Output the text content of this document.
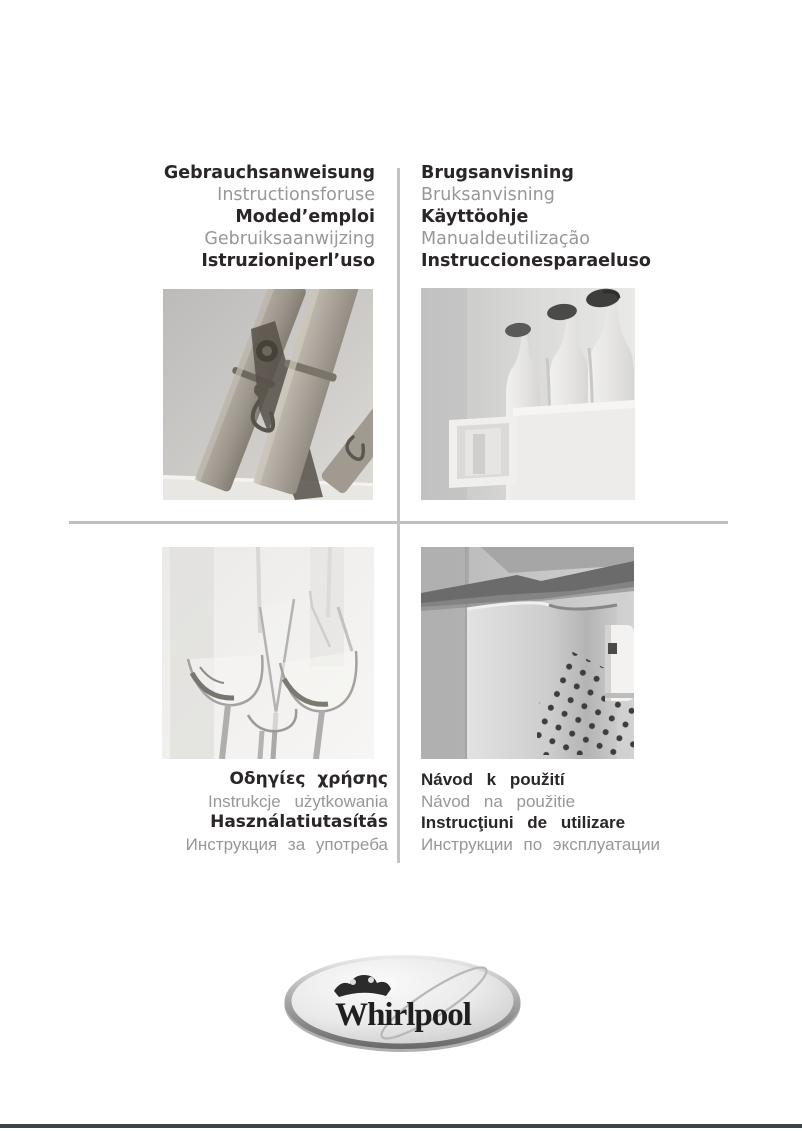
Gebrauchsanweisung

Instructionsforuse

Moded’emploi

Gebruiksaanwijzing

Istruzioniperl’uso

Brugsanvisning

Bruksanvisning

Käyttöohje

Manualdeutilização

Instruccionesparaeluso

Οδηγίες χρήσης

Instrukcje użytkowania

Használatiutasítás

Инструкция за употреба

Návod k použití

Návod na použitie

Instrucţiuni de utilizare

Инструкции по эксплуатации

Whirlpool
